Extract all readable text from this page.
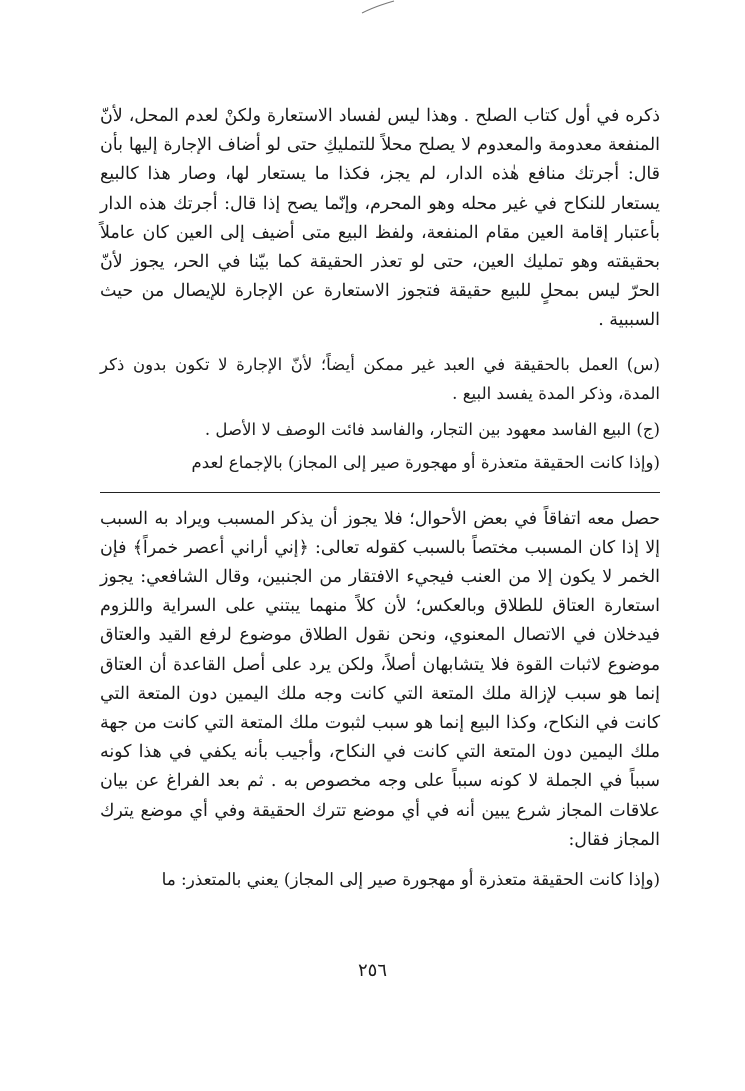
ذكره في أول كتاب الصلح . وهذا ليس لفساد الاستعارة ولكنْ لعدم المحل، لأنّ المنفعة معدومة والمعدوم لا يصلح محلاً للتمليكِ حتى لو أضاف الإجارة إليها بأن قال: أجرتك منافع هٰذه الدار، لم يجز، فكذا ما يستعار لها، وصار هذا كالبيع يستعار للنكاح في غير محله وهو المحرم، وإنّما يصح إذا قال: أجرتك هذه الدار بأعتبار إقامة العين مقام المنفعة، ولفظ البيع متى أضيف إلى العين كان عاملاً بحقيقته وهو تمليك العين، حتى لو تعذر الحقيقة كما بيّنا في الحر، يجوز لأنّ الحرّ ليس بمحلٍ للبيع حقيقة فتجوز الاستعارة عن الإجارة للإيصال من حيث السببية .

(س) العمل بالحقيقة في العبد غير ممكن أيضاً؛ لأنّ الإجارة لا تكون بدون ذكر المدة، وذكر المدة يفسد البيع .

(ج) البيع الفاسد معهود بين التجار، والفاسد فائت الوصف لا الأصل .

(وإذا كانت الحقيقة متعذرة أو مهجورة صير إلى المجاز) بالإجماع لعدم

حصل معه اتفاقاً في بعض الأحوال؛ فلا يجوز أن يذكر المسبب ويراد به السبب إلا إذا كان المسبب مختصاً بالسبب كقوله تعالى: ﴿إني أراني أعصر خمراً﴾ فإن الخمر لا يكون إلا من العنب فيجيء الافتقار من الجنبين، وقال الشافعي: يجوز استعارة العتاق للطلاق وبالعكس؛ لأن كلاً منهما يبتني على السراية واللزوم فيدخلان في الاتصال المعنوي، ونحن نقول الطلاق موضوع لرفع القيد والعتاق موضوع لاثبات القوة فلا يتشابهان أصلاً، ولكن يرد على أصل القاعدة أن العتاق إنما هو سبب لإزالة ملك المتعة التي كانت وجه ملك اليمين دون المتعة التي كانت في النكاح، وكذا البيع إنما هو سبب لثبوت ملك المتعة التي كانت من جهة ملك اليمين دون المتعة التي كانت في النكاح، وأجيب بأنه يكفي في هذا كونه سبباً في الجملة لا كونه سبباً على وجه مخصوص به . ثم بعد الفراغ عن بيان علاقات المجاز شرع يبين أنه في أي موضع تترك الحقيقة وفي أي موضع يترك المجاز فقال:

(وإذا كانت الحقيقة متعذرة أو مهجورة صير إلى المجاز) يعني بالمتعذر: ما

٢٥٦
